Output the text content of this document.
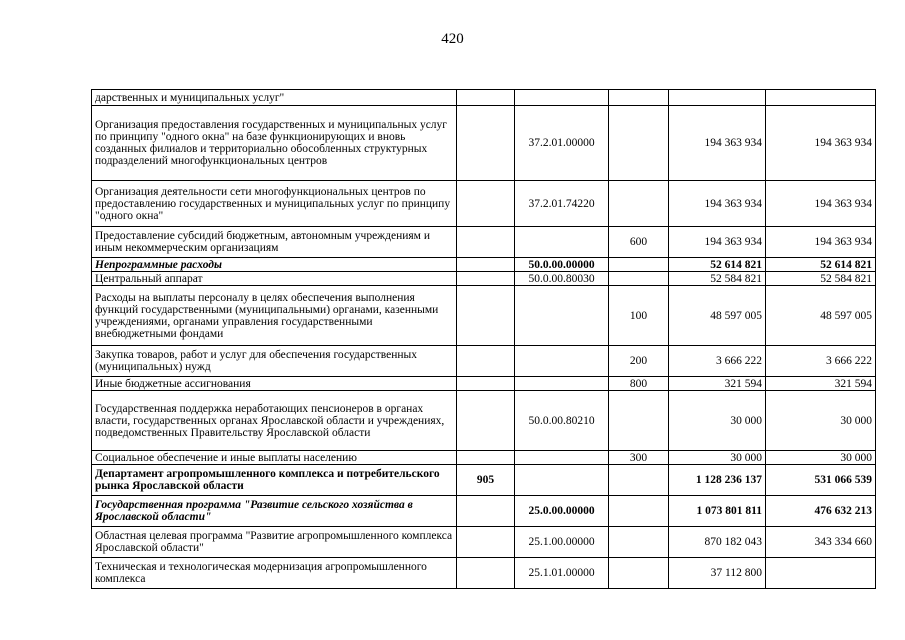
420
дарственных и муниципальных услуг"					
Организация предоставления государственных и муниципальных услуг по принципу "одного окна" на базе функционирующих и вновь созданных филиалов и территориально обособленных структурных подразделений многофункциональных центров		37.2.01.00000		194 363 934	194 363 934
Организация деятельности сети многофункциональных центров по предоставлению государственных и муниципальных услуг по принципу "одного окна"		37.2.01.74220		194 363 934	194 363 934
Предоставление субсидий бюджетным, автономным учреждениям и иным некоммерческим организациям			600	194 363 934	194 363 934
Непрограммные расходы		50.0.00.00000		52 614 821	52 614 821
Центральный аппарат		50.0.00.80030		52 584 821	52 584 821
Расходы на выплаты персоналу в целях обеспечения выполнения функций государственными (муниципальными) органами, казенными учреждениями, органами управления государственными внебюджетными фондами			100	48 597 005	48 597 005
Закупка товаров, работ и услуг для обеспечения государственных (муниципальных) нужд			200	3 666 222	3 666 222
Иные бюджетные ассигнования			800	321 594	321 594
Государственная поддержка неработающих пенсионеров в органах власти, государственных органах Ярославской области и учреждениях, подведомственных Правительству Ярославской области		50.0.00.80210		30 000	30 000
Социальное обеспечение и иные выплаты населению			300	30 000	30 000
Департамент агропромышленного комплекса и потребительского рынка Ярославской области	905			1 128 236 137	531 066 539
Государственная программа "Развитие сельского хозяйства в Ярославской области"		25.0.00.00000		1 073 801 811	476 632 213
Областная целевая программа "Развитие агропромышленного комплекса Ярославской области"		25.1.00.00000		870 182 043	343 334 660
Техническая и технологическая модернизация агропромышленного комплекса		25.1.01.00000		37 112 800	
